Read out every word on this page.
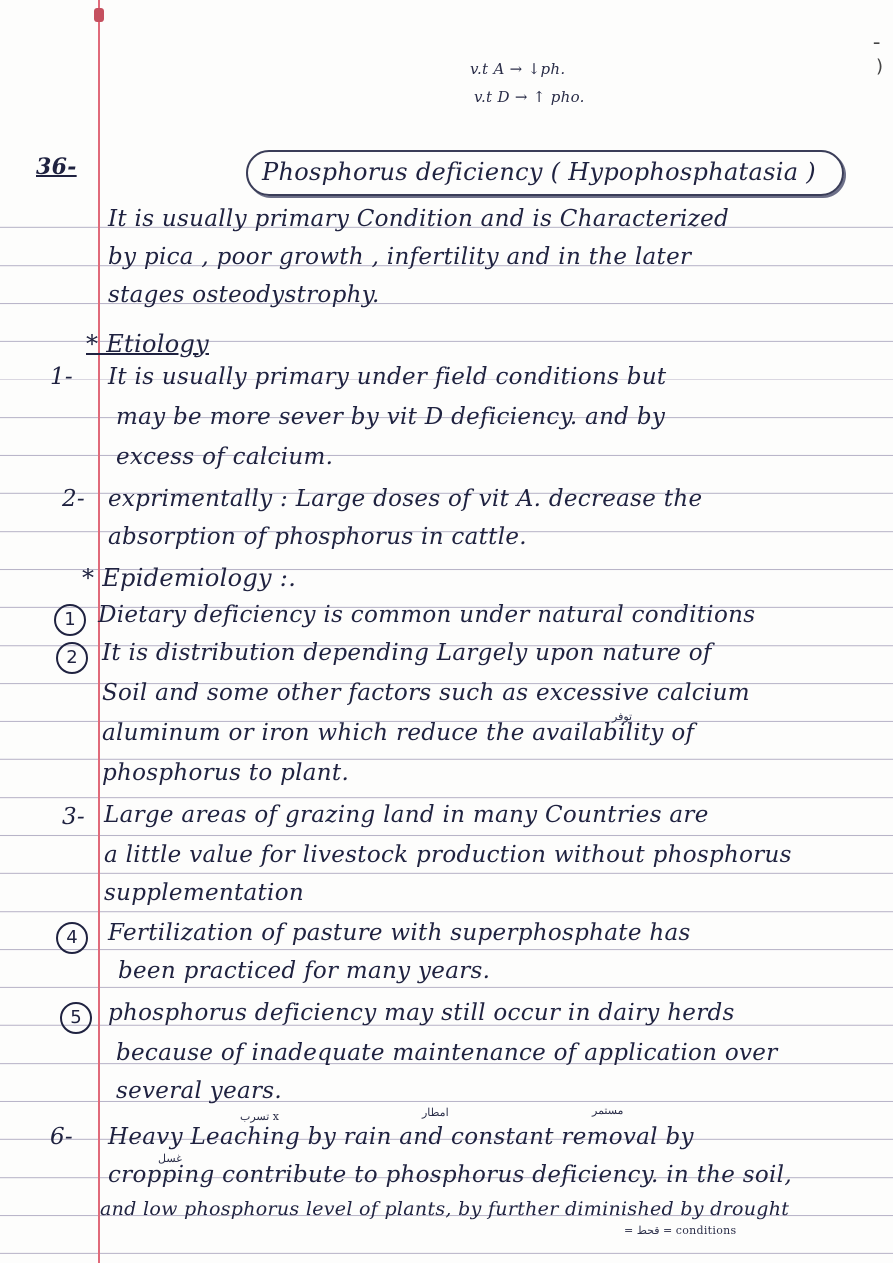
ـ
)
v.t A → ↓ph.
v.t D → ↑ pho.
36-	Phosphorus deficiency ( Hypophosphatasia )
It is usually primary Condition and is Characterized
by pica , poor growth , infertility and in the later
stages osteodystrophy.
* Etiology
1- It is usually primary under field conditions but
may be more sever by vit D deficiency. and by
excess of calcium.
2- exprimentally : Large doses of vit A. decrease the
absorption of phosphorus in cattle.
* Epidemiology :.
1 Dietary deficiency is common under natural conditions
2	It is distribution depending Largely upon nature of
Soil and some other factors such as excessive calcium
توفر
aluminum or iron which reduce the availability of
phosphorus to plant.
3- Large areas of grazing land in many Countries are
a little value for livestock production without phosphorus
supplementation
4	Fertilization of pasture with superphosphate has
been practiced for many years.
5	phosphorus deficiency may still occur in dairy herds
because of inadequate maintenance of application over
several years.
تسرب x	امطار	مستمر
6- Heavy Leaching by rain and constant removal by
غسل
cropping contribute to phosphorus deficiency. in the soil,
and low phosphorus level of plants, by further diminished by drought
= قحط = conditions
